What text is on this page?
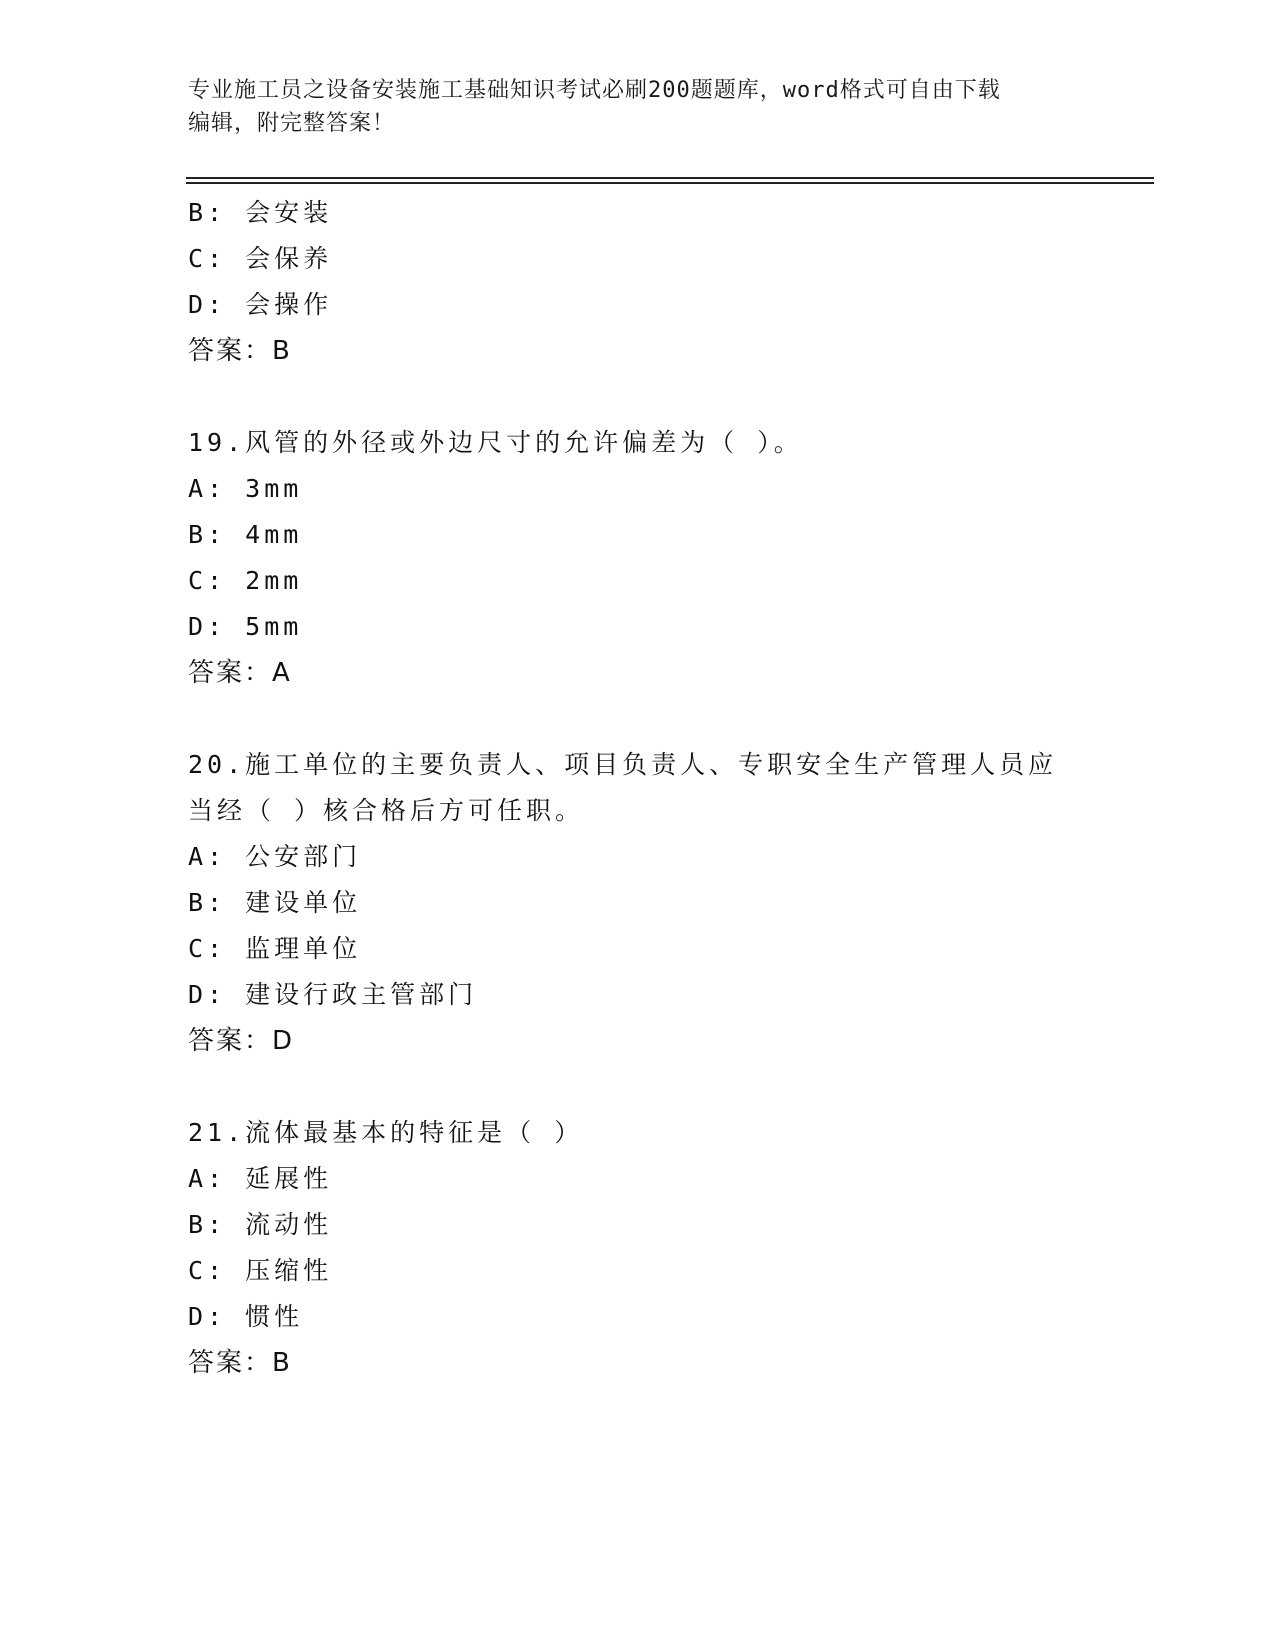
专业施工员之设备安装施工基础知识考试必刷200题题库，word格式可自由下载
编辑，附完整答案！
B: 会安装
C: 会保养
D: 会操作
答案：B
19.风管的外径或外边尺寸的允许偏差为（ ）。
A: 3mm
B: 4mm
C: 2mm
D: 5mm
答案：A
20.施工单位的主要负责人、项目负责人、专职安全生产管理人员应当经（ ）核合格后方可任职。
A: 公安部门
B: 建设单位
C: 监理单位
D: 建设行政主管部门
答案：D
21.流体最基本的特征是（ ）
A: 延展性
B: 流动性
C: 压缩性
D: 惯性
答案：B
